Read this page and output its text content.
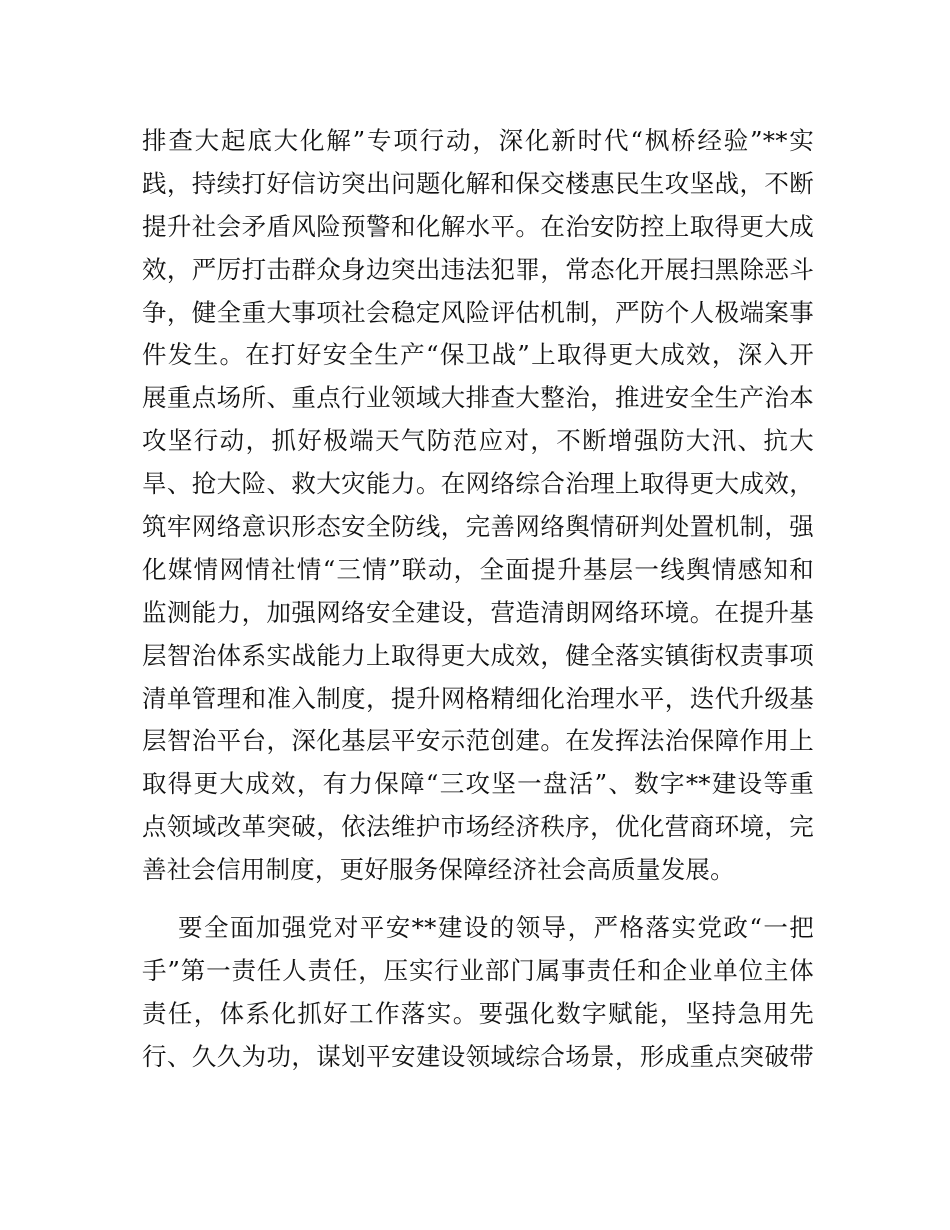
排查大起底大化解”专项行动，深化新时代“枫桥经验”**实
践，持续打好信访突出问题化解和保交楼惠民生攻坚战，不断
提升社会矛盾风险预警和化解水平。在治安防控上取得更大成
效，严厉打击群众身边突出违法犯罪，常态化开展扫黑除恶斗
争，健全重大事项社会稳定风险评估机制，严防个人极端案事
件发生。在打好安全生产“保卫战”上取得更大成效，深入开
展重点场所、重点行业领域大排查大整治，推进安全生产治本
攻坚行动，抓好极端天气防范应对，不断增强防大汛、抗大
旱、抢大险、救大灾能力。在网络综合治理上取得更大成效，
筑牢网络意识形态安全防线，完善网络舆情研判处置机制，强
化媒情网情社情“三情”联动，全面提升基层一线舆情感知和
监测能力，加强网络安全建设，营造清朗网络环境。在提升基
层智治体系实战能力上取得更大成效，健全落实镇街权责事项
清单管理和准入制度，提升网格精细化治理水平，迭代升级基
层智治平台，深化基层平安示范创建。在发挥法治保障作用上
取得更大成效，有力保障“三攻坚一盘活”、数字**建设等重
点领域改革突破，依法维护市场经济秩序，优化营商环境，完
善社会信用制度，更好服务保障经济社会高质量发展。
要全面加强党对平安**建设的领导，严格落实党政“一把
手”第一责任人责任，压实行业部门属事责任和企业单位主体
责任，体系化抓好工作落实。要强化数字赋能，坚持急用先
行、久久为功，谋划平安建设领域综合场景，形成重点突破带
